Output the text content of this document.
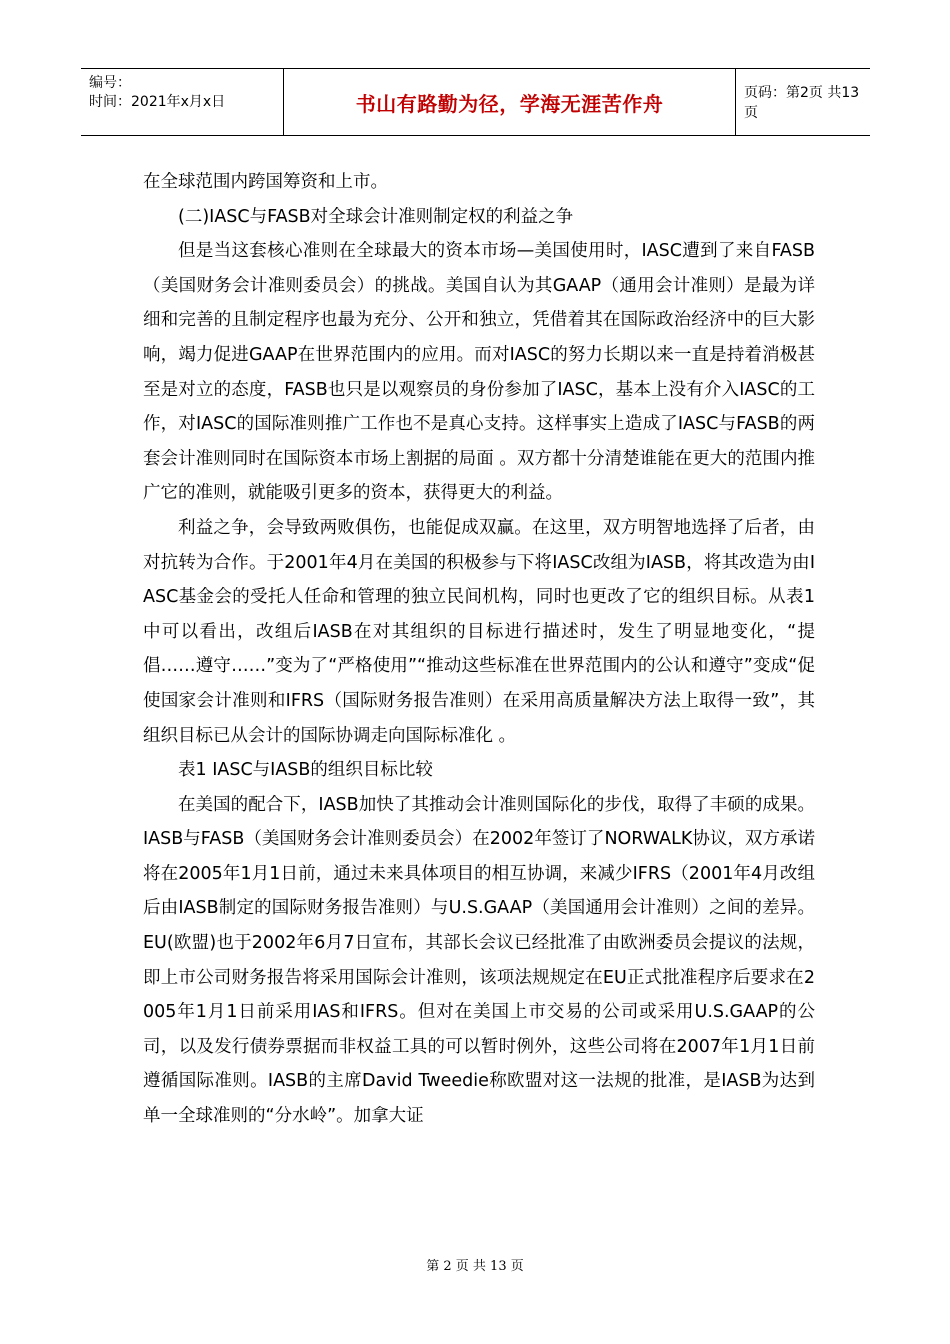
编号：
时间：2021年x月x日	书山有路勤为径，学海无涯苦作舟	页码：第2页 共13页

在全球范围内跨国筹资和上市。

(二)IASC与FASB对全球会计准则制定权的利益之争

但是当这套核心准则在全球最大的资本市场—美国使用时，IASC遭到了来自FASB（美国财务会计准则委员会）的挑战。美国自认为其GAAP（通用会计准则）是最为详细和完善的且制定程序也最为充分、公开和独立，凭借着其在国际政治经济中的巨大影响，竭力促进GAAP在世界范围内的应用。而对IASC的努力长期以来一直是持着消极甚至是对立的态度，FASB也只是以观察员的身份参加了IASC，基本上没有介入IASC的工作，对IASC的国际准则推广工作也不是真心支持。这样事实上造成了IASC与FASB的两套会计准则同时在国际资本市场上割据的局面 。双方都十分清楚谁能在更大的范围内推广它的准则，就能吸引更多的资本，获得更大的利益。

利益之争，会导致两败俱伤，也能促成双赢。在这里，双方明智地选择了后者，由对抗转为合作。于2001年4月在美国的积极参与下将IASC改组为IASB，将其改造为由IASC基金会的受托人任命和管理的独立民间机构，同时也更改了它的组织目标。从表1中可以看出，改组后IASB在对其组织的目标进行描述时，发生了明显地变化，“提倡……遵守……”变为了“严格使用”“推动这些标准在世界范围内的公认和遵守”变成“促使国家会计准则和IFRS（国际财务报告准则）在采用高质量解决方法上取得一致”，其组织目标已从会计的国际协调走向国际标准化 。

表1 IASC与IASB的组织目标比较

在美国的配合下，IASB加快了其推动会计准则国际化的步伐，取得了丰硕的成果。IASB与FASB（美国财务会计准则委员会）在2002年签订了NORWALK协议，双方承诺将在2005年1月1日前，通过未来具体项目的相互协调，来减少IFRS（2001年4月改组后由IASB制定的国际财务报告准则）与U.S.GAAP（美国通用会计准则）之间的差异。EU(欧盟)也于2002年6月7日宣布，其部长会议已经批准了由欧洲委员会提议的法规，即上市公司财务报告将采用国际会计准则，该项法规规定在EU正式批准程序后要求在2005年1月1日前采用IAS和IFRS。但对在美国上市交易的公司或采用U.S.GAAP的公司，以及发行债券票据而非权益工具的可以暂时例外，这些公司将在2007年1月1日前遵循国际准则。IASB的主席David Tweedie称欧盟对这一法规的批准，是IASB为达到单一全球准则的“分水岭”。加拿大证

第 2 页 共 13 页
